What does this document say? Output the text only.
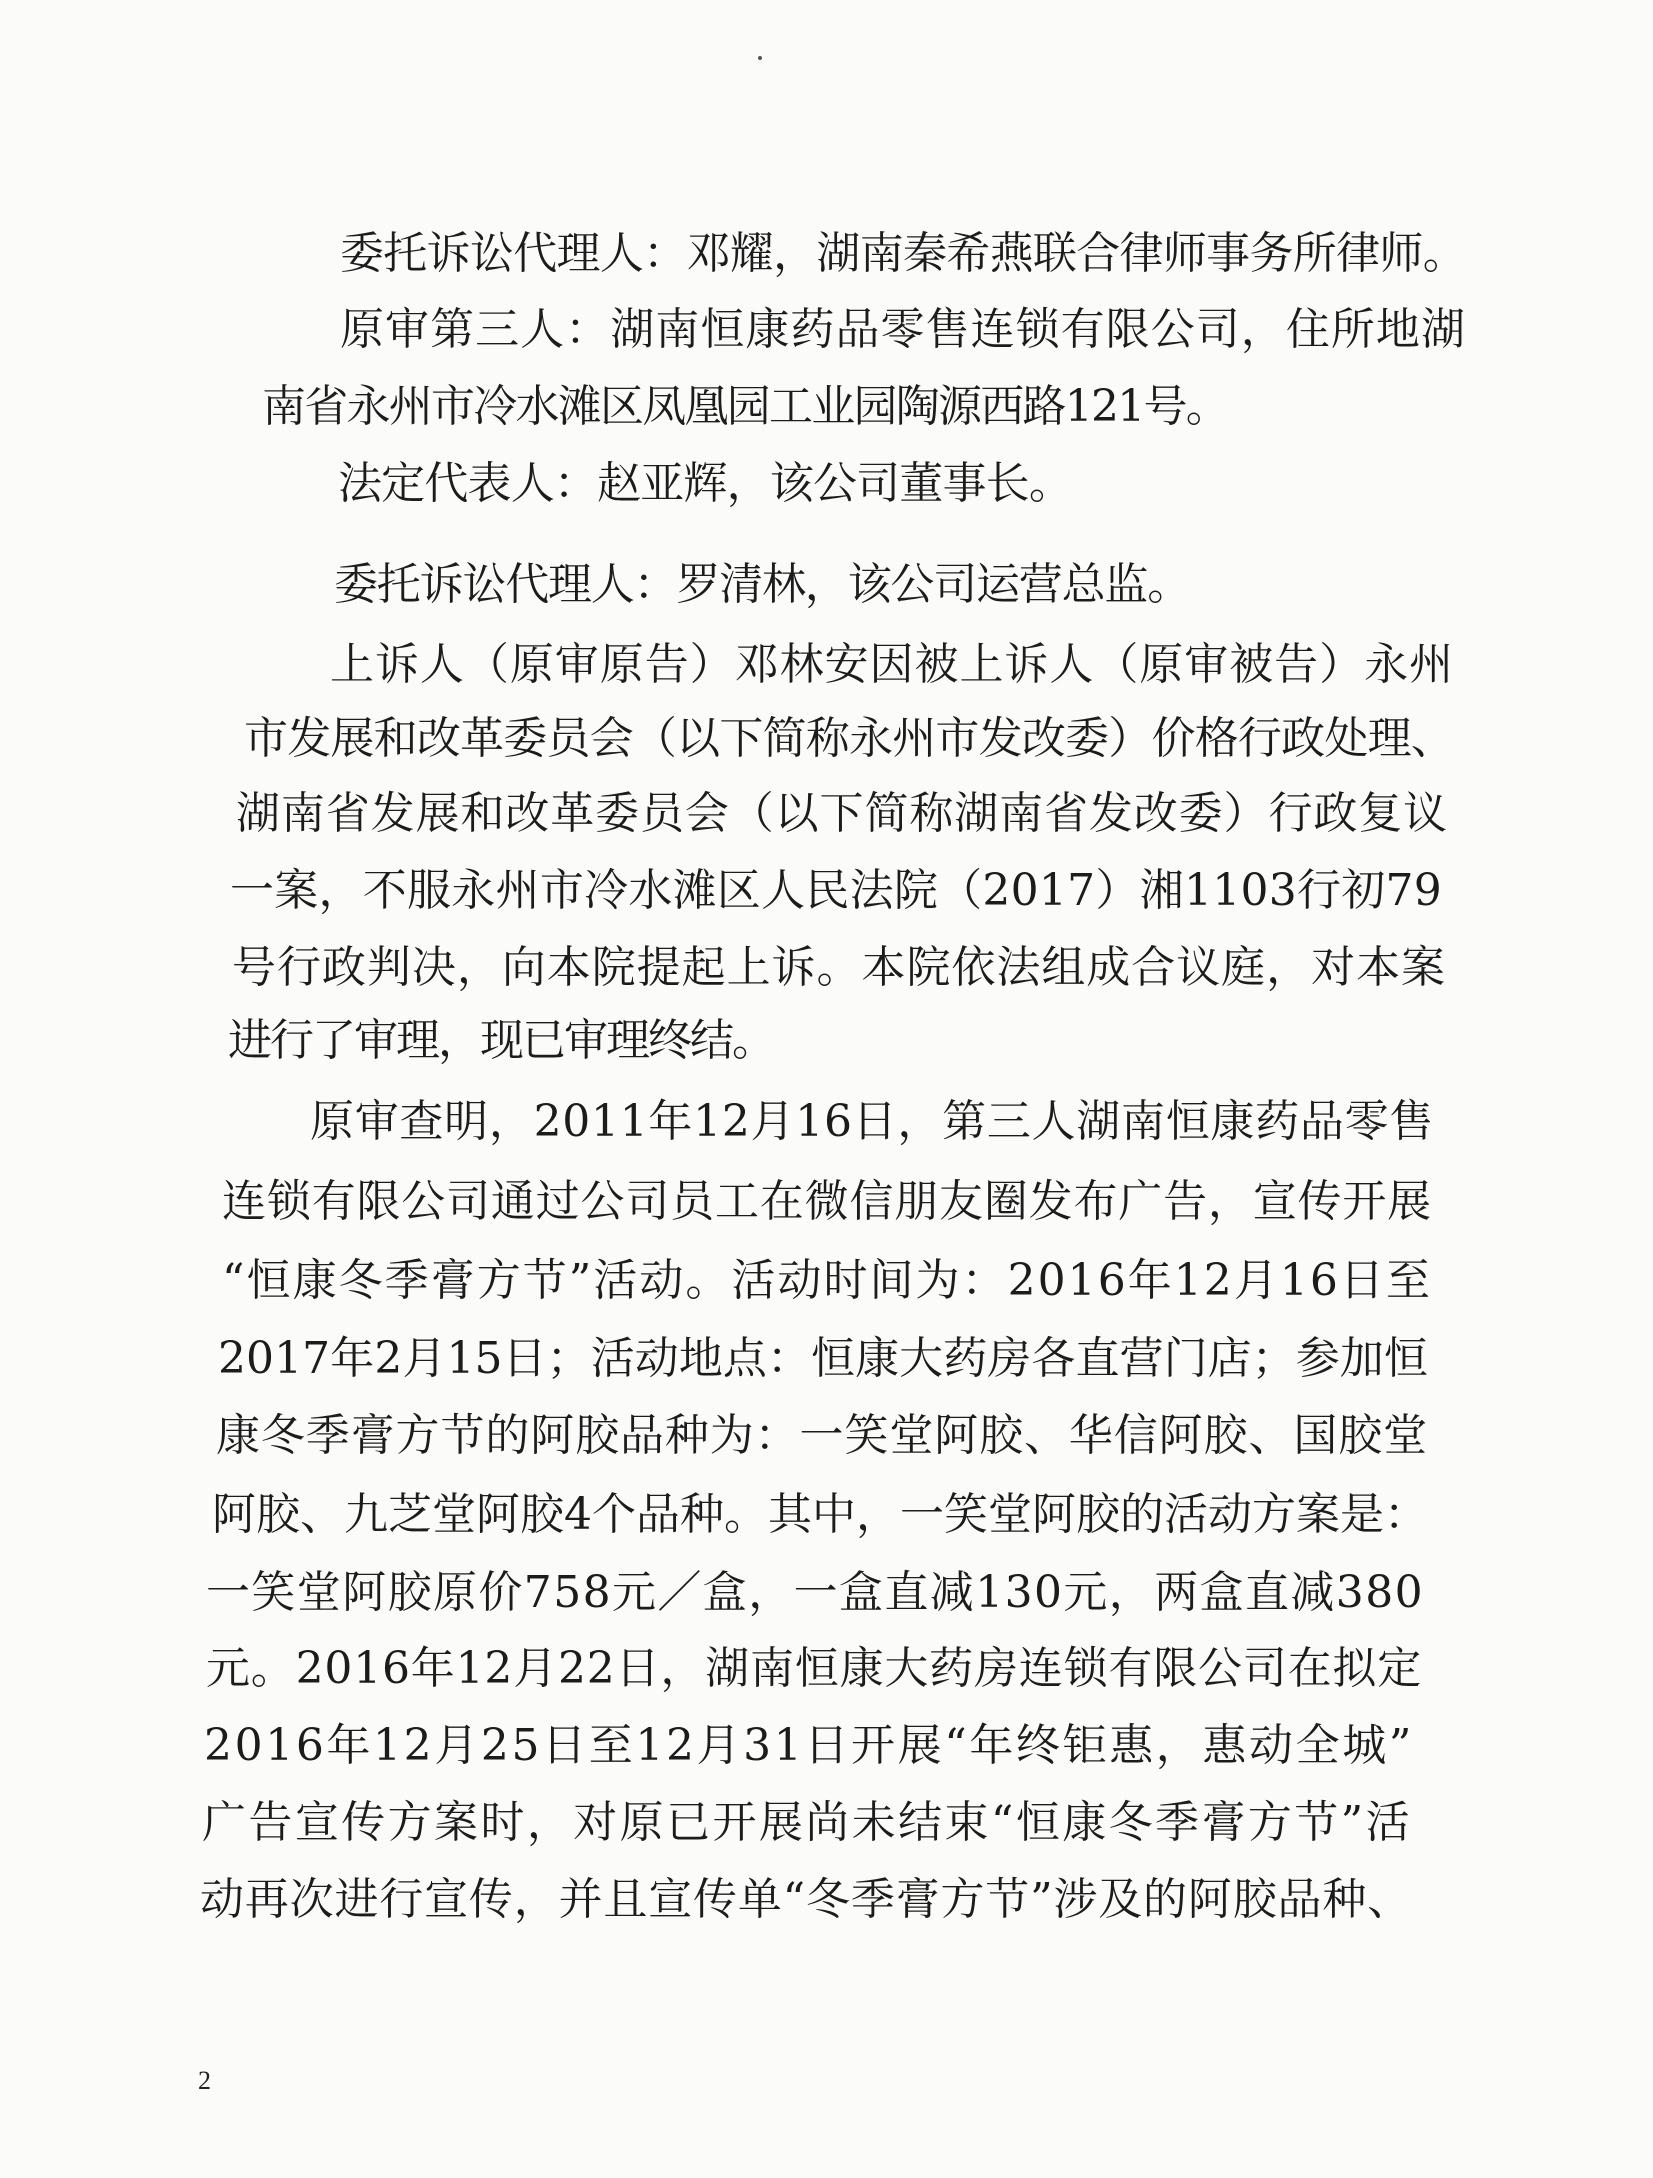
委托诉讼代理人：邓耀，湖南秦希燕联合律师事务所律师。
原审第三人：湖南恒康药品零售连锁有限公司，住所地湖
南省永州市冷水滩区凤凰园工业园陶源西路121号。
法定代表人：赵亚辉，该公司董事长。
委托诉讼代理人：罗清林，该公司运营总监。
上诉人（原审原告）邓林安因被上诉人（原审被告）永州
市发展和改革委员会（以下简称永州市发改委）价格行政处理、
湖南省发展和改革委员会（以下简称湖南省发改委）行政复议
一案，不服永州市冷水滩区人民法院（2017）湘1103行初79
号行政判决，向本院提起上诉。本院依法组成合议庭，对本案
进行了审理，现已审理终结。
原审查明，2011年12月16日，第三人湖南恒康药品零售
连锁有限公司通过公司员工在微信朋友圈发布广告，宣传开展
“恒康冬季膏方节”活动。活动时间为：2016年12月16日至
2017年2月15日；活动地点：恒康大药房各直营门店；参加恒
康冬季膏方节的阿胶品种为：一笑堂阿胶、华信阿胶、国胶堂
阿胶、九芝堂阿胶4个品种。其中，一笑堂阿胶的活动方案是：
一笑堂阿胶原价758元／盒，一盒直减130元，两盒直减380
元。2016年12月22日，湖南恒康大药房连锁有限公司在拟定
2016年12月25日至12月31日开展“年终钜惠，惠动全城”
广告宣传方案时，对原已开展尚未结束“恒康冬季膏方节”活
动再次进行宣传，并且宣传单“冬季膏方节”涉及的阿胶品种、
2
